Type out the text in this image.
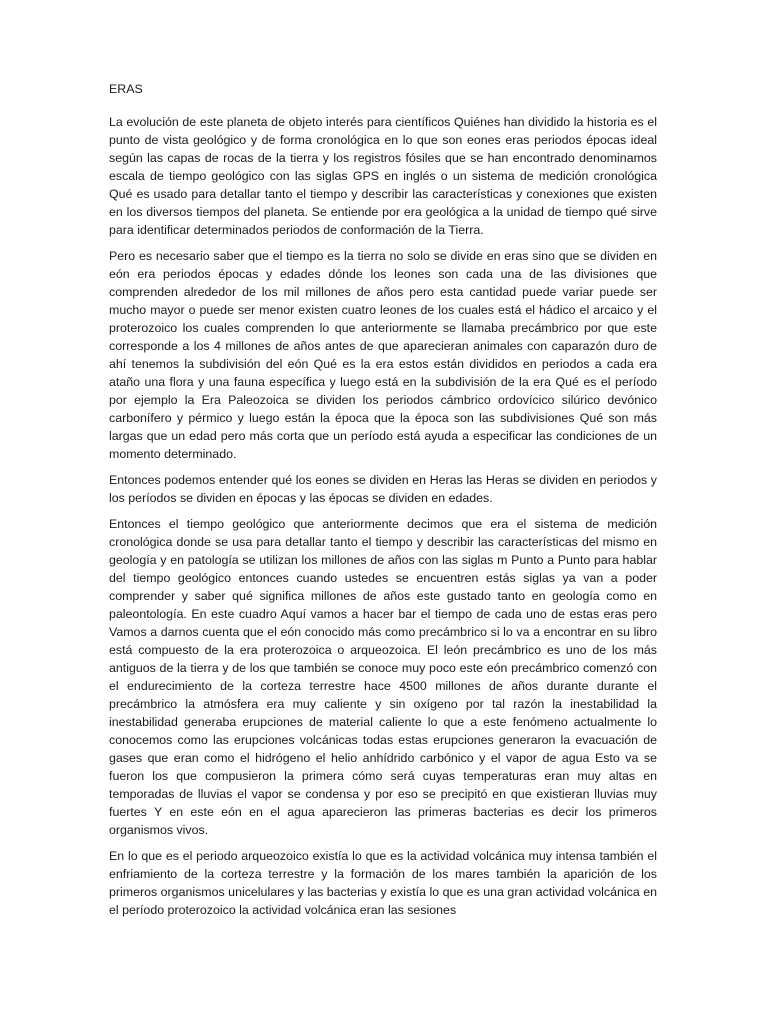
ERAS

La evolución de este planeta de objeto interés para científicos Quiénes han dividido la historia es el punto de vista geológico y de forma cronológica en lo que son eones eras periodos épocas ideal según las capas de rocas de la tierra y los registros fósiles que se han encontrado denominamos escala de tiempo geológico con las siglas GPS en inglés o un sistema de medición cronológica Qué es usado para detallar tanto el tiempo y describir las características y conexiones que existen en los diversos tiempos del planeta. Se entiende por era geológica a la unidad de tiempo qué sirve para identificar determinados periodos de conformación de la Tierra.

Pero es necesario saber que el tiempo es la tierra no solo se divide en eras sino que se dividen en eón era periodos épocas y edades dónde los leones son cada una de las divisiones que comprenden alrededor de los mil millones de años pero esta cantidad puede variar puede ser mucho mayor o puede ser menor existen cuatro leones de los cuales está el hádico el arcaico y el proterozoico los cuales comprenden lo que anteriormente se llamaba precámbrico por que este corresponde a los 4 millones de años antes de que aparecieran animales con caparazón duro de ahí tenemos la subdivisión del eón Qué es la era estos están divididos en periodos a cada era ataño una flora y una fauna específica y luego está en la subdivisión de la era Qué es el período por ejemplo la Era Paleozoica se dividen los periodos cámbrico ordovícico silúrico devónico carbonífero y pérmico y luego están la época que la época son las subdivisiones Qué son más largas que un edad pero más corta que un período está ayuda a especificar las condiciones de un momento determinado.

Entonces podemos entender qué los eones se dividen en Heras las Heras se dividen en periodos y los períodos se dividen en épocas y las épocas se dividen en edades.

Entonces el tiempo geológico que anteriormente decimos que era el sistema de medición cronológica donde se usa para detallar tanto el tiempo y describir las características del mismo en geología y en patología se utilizan los millones de años con las siglas m Punto a Punto para hablar del tiempo geológico entonces cuando ustedes se encuentren estás siglas ya van a poder comprender y saber qué significa millones de años este gustado tanto en geología como en paleontología. En este cuadro Aquí vamos a hacer bar el tiempo de cada uno de estas eras pero Vamos a darnos cuenta que el eón conocido más como precámbrico si lo va a encontrar en su libro está compuesto de la era proterozoica o arqueozoica. El león precámbrico es uno de los más antiguos de la tierra y de los que también se conoce muy poco este eón precámbrico comenzó con el endurecimiento de la corteza terrestre hace 4500 millones de años durante durante el precámbrico la atmósfera era muy caliente y sin oxígeno por tal razón la inestabilidad la inestabilidad generaba erupciones de material caliente lo que a este fenómeno actualmente lo conocemos como las erupciones volcánicas todas estas erupciones generaron la evacuación de gases que eran como el hidrógeno el helio anhídrido carbónico y el vapor de agua Esto va se fueron los que compusieron la primera cómo será cuyas temperaturas eran muy altas en temporadas de lluvias el vapor se condensa y por eso se precipitó en que existieran lluvias muy fuertes Y en este eón en el agua aparecieron las primeras bacterias es decir los primeros organismos vivos.

En lo que es el periodo arqueozoico existía lo que es la actividad volcánica muy intensa también el enfriamiento de la corteza terrestre y la formación de los mares también la aparición de los primeros organismos unicelulares y las bacterias y existía lo que es una gran actividad volcánica en el período proterozoico la actividad volcánica eran las sesiones
